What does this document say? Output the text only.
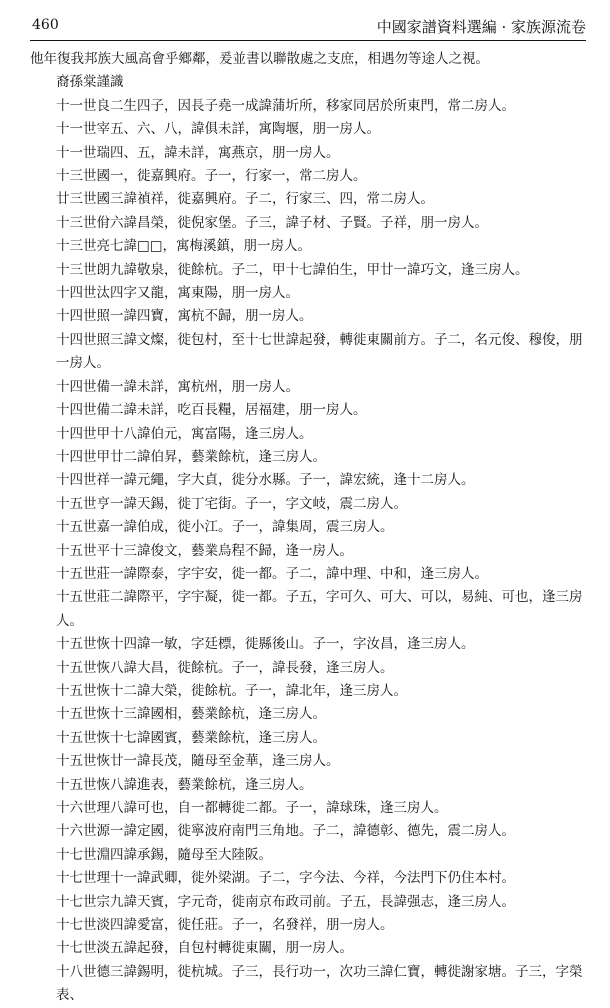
460	中國家譜資料選編 · 家族源流卷

他年復我邦族大風高會乎鄉鄰，爰並書以聯散處之支庶，相遇勿等途人之視。

裔孫棠謹識

十一世良二生四子，因長子堯一成諱蒲圻所，移家同居於所東門，常二房人。

十一世宰五、六、八，諱俱未詳，寓陶堰，朋一房人。

十一世瑞四、五，諱未詳，寓燕京，朋一房人。

十三世國一，徙嘉興府。子一，行家一，常二房人。

廿三世國三諱禎祥，徙嘉興府。子二，行家三、四，常二房人。

十三世佾六諱昌榮，徙倪家堡。子三，諱子材、子賢。子祥，朋一房人。

十三世亮七諱□□，寓梅溪鎮，朋一房人。

十三世朗九諱敬泉，徙餘杭。子二，甲十七諱伯生，甲廿一諱巧文，逢三房人。

十四世汰四字又龍，寓東陽，朋一房人。

十四世照一諱四寶，寓杭不歸，朋一房人。

十四世照三諱文燦，徙包村，至十七世諱起發，轉徙東關前方。子二，名元俊、穆俊，朋一房人。

十四世備一諱未詳，寓杭州，朋一房人。

十四世備二諱未詳，吃百長糧，居福建，朋一房人。

十四世甲十八諱伯元，寓富陽，逢三房人。

十四世甲廿二諱伯昇，藝業餘杭，逢三房人。

十四世祥一諱元繩，字大貞，徙分水縣。子一，諱宏統，逢十二房人。

十五世亨一諱天錫，徙丁宅街。子一，字文岐，震二房人。

十五世嘉一諱伯成，徙小江。子一，諱集周，震三房人。

十五世平十三諱俊文，藝業烏程不歸，逢一房人。

十五世莊一諱際泰，字宇安，徙一都。子二，諱中理、中和，逢三房人。

十五世莊二諱際平，字宇凝，徙一都。子五，字可久、可大、可以，易純、可也，逢三房人。

十五世恢十四諱一敏，字廷標，徙縣後山。子一，字汝昌，逢三房人。

十五世恢八諱大昌，徙餘杭。子一，諱長發，逢三房人。

十五世恢十二諱大榮，徙餘杭。子一，諱北年，逢三房人。

十五世恢十三諱國相，藝業餘杭，逢三房人。

十五世恢十七諱國賓，藝業餘杭，逢三房人。

十五世恢廿一諱長茂，隨母至金華，逢三房人。

十五世恢八諱進表，藝業餘杭，逢三房人。

十六世理八諱可也，自一都轉徙二都。子一，諱球珠，逢三房人。

十六世源一諱定國，徙寧波府南門三角地。子二，諱德彰、德先，震二房人。

十七世淵四諱承錫，隨母至大陸阪。

十七世理十一諱武卿，徙外梁湖。子二，字今法、今祥，今法門下仍住本村。

十七世宗九諱天賓，字元奇，徙南京布政司前。子五，長諱强志，逢三房人。

十七世淡四諱愛富，徙任莊。子一，名發祥，朋一房人。

十七世淡五諱起發，自包村轉徙東關，朋一房人。

十八世德三諱錫明，徙杭城。子三，長行功一，次功三諱仁寶，轉徙謝家塘。子三，字榮表、
